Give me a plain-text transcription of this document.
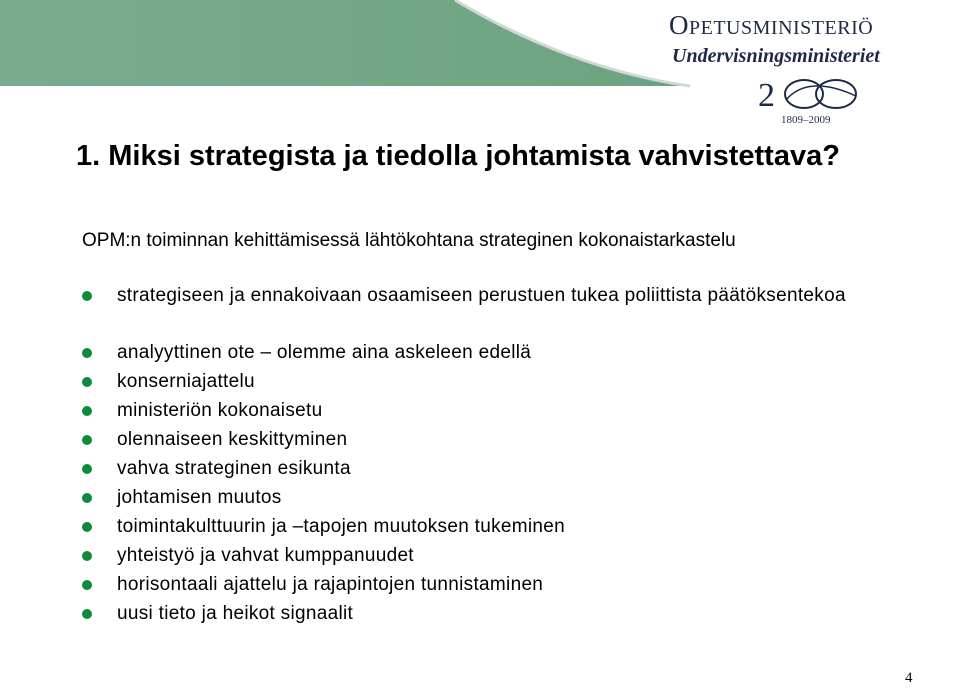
OPETUSMINISTERIÖ
Undervisningsministeriet
2
1809–2009
1. Miksi strategista ja tiedolla johtamista vahvistettava?
OPM:n toiminnan kehittämisessä lähtökohtana strateginen kokonaistarkastelu
strategiseen ja ennakoivaan osaamiseen perustuen tukea poliittista päätöksentekoa
analyyttinen ote – olemme aina askeleen edellä
konserniajattelu
ministeriön kokonaisetu
olennaiseen keskittyminen
vahva strateginen esikunta
johtamisen muutos
toimintakulttuurin ja –tapojen muutoksen tukeminen
yhteistyö ja vahvat kumppanuudet
horisontaali ajattelu ja rajapintojen tunnistaminen
uusi tieto ja heikot signaalit
4
